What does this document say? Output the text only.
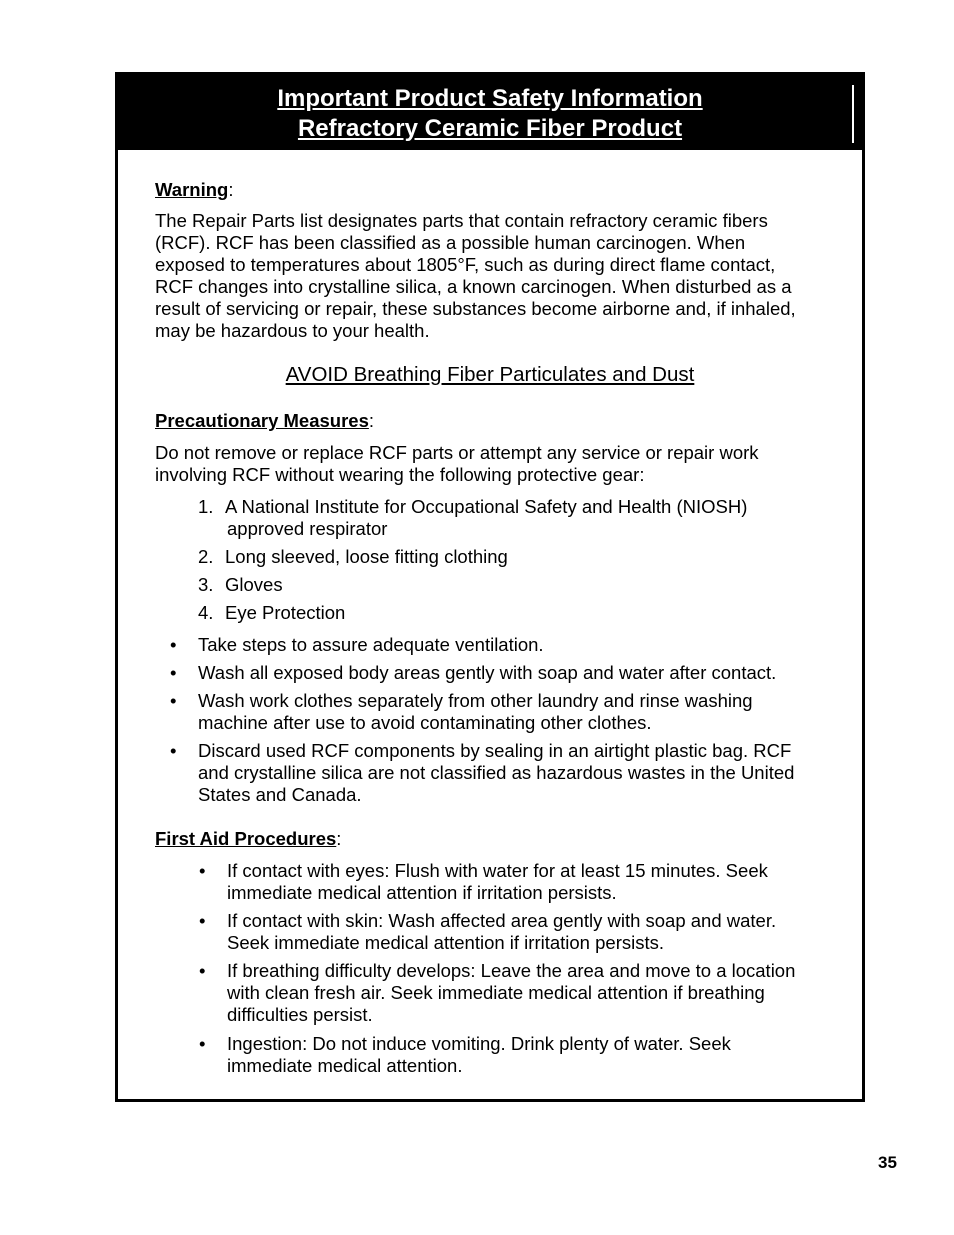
Important Product Safety Information
Refractory Ceramic Fiber Product
Warning:
The Repair Parts list designates parts that contain refractory ceramic fibers
(RCF). RCF has been classified as a possible human carcinogen. When
exposed to temperatures about 1805°F, such as during direct flame contact,
RCF changes into crystalline silica, a known carcinogen. When disturbed as a
result of servicing or repair, these substances become airborne and, if inhaled,
may be hazardous to your health.
AVOID Breathing Fiber Particulates and Dust
Precautionary Measures:
Do not remove or replace RCF parts or attempt any service or repair work
involving RCF without wearing the following protective gear:
1. A National Institute for Occupational Safety and Health (NIOSH)
approved respirator
2. Long sleeved, loose fitting clothing
3. Gloves
4. Eye Protection
• Take steps to assure adequate ventilation.
• Wash all exposed body areas gently with soap and water after contact.
• Wash work clothes separately from other laundry and rinse washing
machine after use to avoid contaminating other clothes.
• Discard used RCF components by sealing in an airtight plastic bag. RCF
and crystalline silica are not classified as hazardous wastes in the United
States and Canada.
First Aid Procedures:
• If contact with eyes: Flush with water for at least 15 minutes. Seek
immediate medical attention if irritation persists.
• If contact with skin: Wash affected area gently with soap and water.
Seek immediate medical attention if irritation persists.
• If breathing difficulty develops: Leave the area and move to a location
with clean fresh air. Seek immediate medical attention if breathing
difficulties persist.
• Ingestion: Do not induce vomiting. Drink plenty of water. Seek
immediate medical attention.
35
